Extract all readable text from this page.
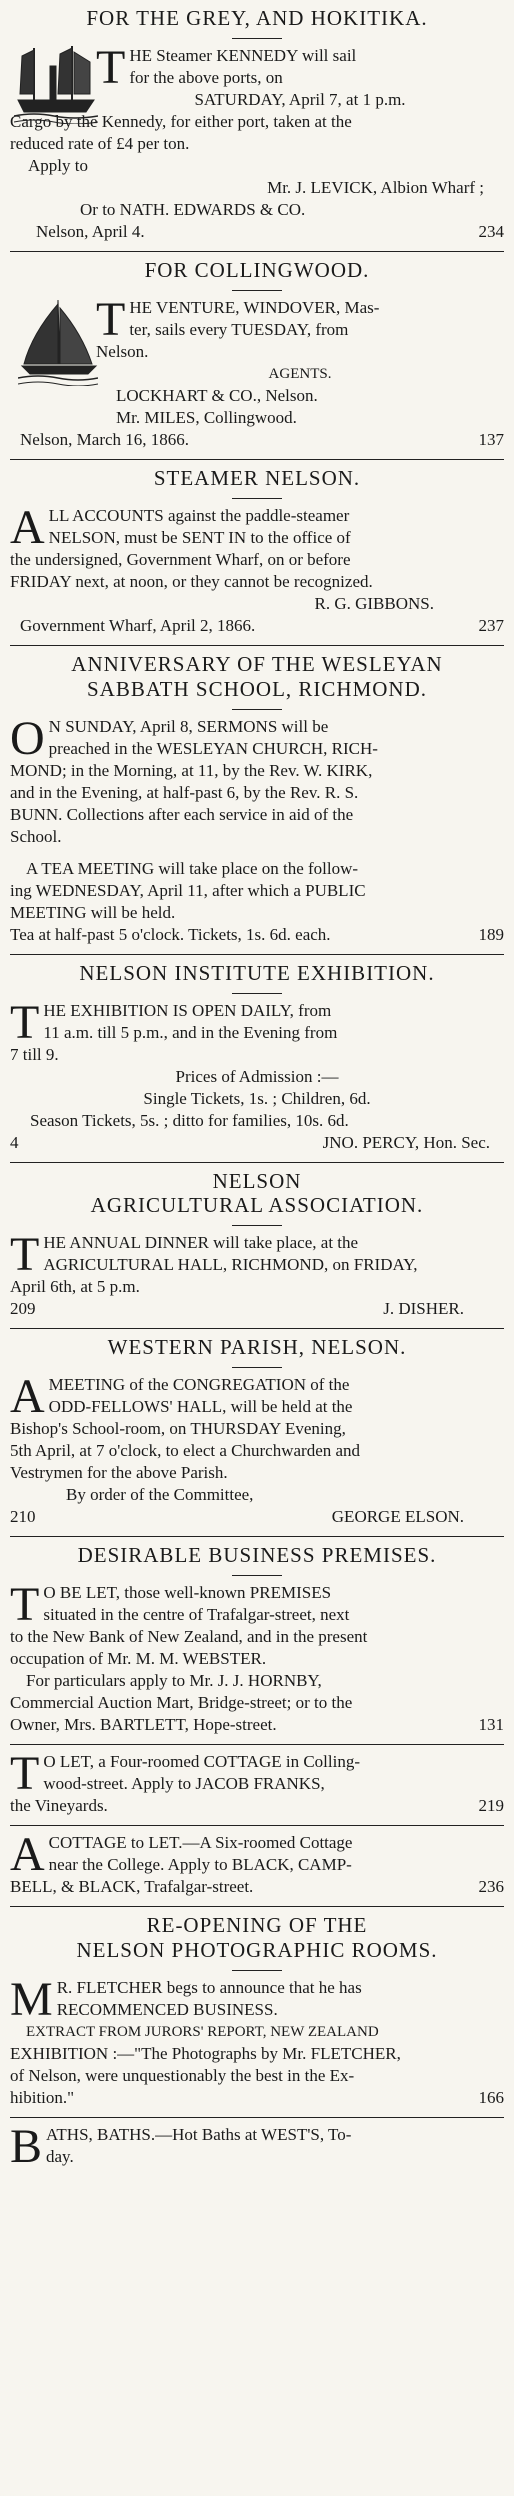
FOR THE GREY, AND HOKITIKA.

T HE Steamer KENNEDY will sail

for the above ports, on

SATURDAY, April 7, at 1 p.m.

Cargo by the Kennedy, for either port, taken at the

reduced rate of £4 per ton.

Apply to

Mr. J. LEVICK, Albion Wharf ;

Or to NATH. EDWARDS & CO.

Nelson, April 4.	234

FOR COLLINGWOOD.

T HE VENTURE, WINDOVER, Mas-

ter, sails every TUESDAY, from

Nelson.

AGENTS.

LOCKHART & CO., Nelson.

Mr. MILES, Collingwood.

Nelson, March 16, 1866.	137

STEAMER NELSON.

A LL ACCOUNTS against the paddle-steamer

NELSON, must be SENT IN to the office of

the undersigned, Government Wharf, on or before

FRIDAY next, at noon, or they cannot be recognized.

R. G. GIBBONS.

Government Wharf, April 2, 1866.	237

ANNIVERSARY OF THE WESLEYAN

SABBATH SCHOOL, RICHMOND.

O N SUNDAY, April 8, SERMONS will be

preached in the WESLEYAN CHURCH, RICH-

MOND; in the Morning, at 11, by the Rev. W. KIRK,

and in the Evening, at half-past 6, by the Rev. R. S.

BUNN. Collections after each service in aid of the

School.

A TEA MEETING will take place on the follow-

ing WEDNESDAY, April 11, after which a PUBLIC

MEETING will be held.

Tea at half-past 5 o'clock. Tickets, 1s. 6d. each.	189

NELSON INSTITUTE EXHIBITION.

T HE EXHIBITION IS OPEN DAILY, from

11 a.m. till 5 p.m., and in the Evening from

7 till 9.

Prices of Admission :—

Single Tickets, 1s. ; Children, 6d.

Season Tickets, 5s. ; ditto for families, 10s. 6d.

4	JNO. PERCY, Hon. Sec.

NELSON

AGRICULTURAL ASSOCIATION.

T HE ANNUAL DINNER will take place, at the

AGRICULTURAL HALL, RICHMOND, on FRIDAY,

April 6th, at 5 p.m.

209	J. DISHER.

WESTERN PARISH, NELSON.

A MEETING of the CONGREGATION of the

ODD-FELLOWS' HALL, will be held at the

Bishop's School-room, on THURSDAY Evening,

5th April, at 7 o'clock, to elect a Churchwarden and

Vestrymen for the above Parish.

By order of the Committee,

210	GEORGE ELSON.

DESIRABLE BUSINESS PREMISES.

T O BE LET, those well-known PREMISES

situated in the centre of Trafalgar-street, next

to the New Bank of New Zealand, and in the present

occupation of Mr. M. M. WEBSTER.

For particulars apply to Mr. J. J. HORNBY,

Commercial Auction Mart, Bridge-street; or to the

Owner, Mrs. BARTLETT, Hope-street.	131
T O LET, a Four-roomed COTTAGE in Colling-

wood-street. Apply to JACOB FRANKS,

the Vineyards.	219
A COTTAGE to LET.—A Six-roomed Cottage

near the College. Apply to BLACK, CAMP-

BELL, & BLACK, Trafalgar-street.	236

RE-OPENING OF THE

NELSON PHOTOGRAPHIC ROOMS.

M R. FLETCHER begs to announce that he has

RECOMMENCED BUSINESS.

EXTRACT FROM JURORS' REPORT, NEW ZEALAND

EXHIBITION :—"The Photographs by Mr. FLETCHER,

of Nelson, were unquestionably the best in the Ex-

hibition."	166
B ATHS, BATHS.—Hot Baths at WEST'S, To-

day.
